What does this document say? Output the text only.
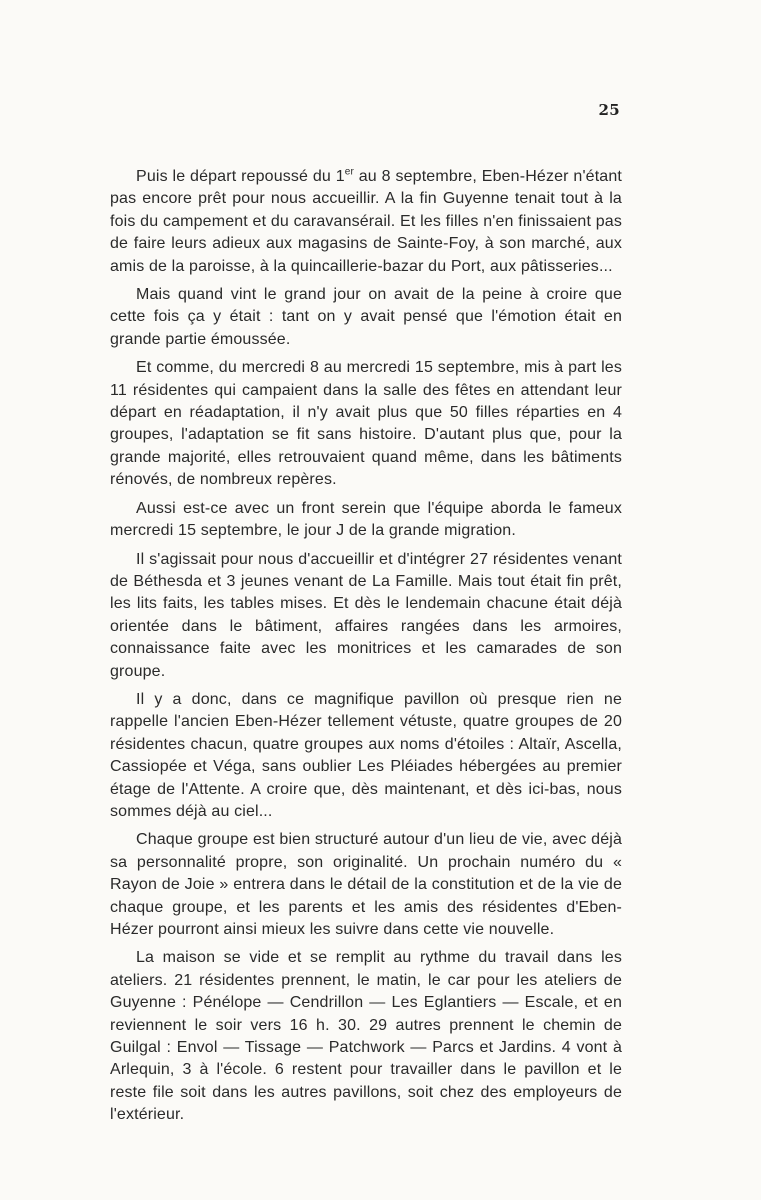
25

Puis le départ repoussé du 1er au 8 septembre, Eben-Hézer n'étant pas encore prêt pour nous accueillir. A la fin Guyenne tenait tout à la fois du campement et du caravansérail. Et les filles n'en finissaient pas de faire leurs adieux aux magasins de Sainte-Foy, à son marché, aux amis de la paroisse, à la quincaillerie-bazar du Port, aux pâtisseries...

Mais quand vint le grand jour on avait de la peine à croire que cette fois ça y était : tant on y avait pensé que l'émotion était en grande partie émoussée.

Et comme, du mercredi 8 au mercredi 15 septembre, mis à part les 11 résidentes qui campaient dans la salle des fêtes en attendant leur départ en réadaptation, il n'y avait plus que 50 filles réparties en 4 groupes, l'adaptation se fit sans histoire. D'autant plus que, pour la grande majorité, elles retrouvaient quand même, dans les bâtiments rénovés, de nombreux repères.

Aussi est-ce avec un front serein que l'équipe aborda le fameux mercredi 15 septembre, le jour J de la grande migration.

Il s'agissait pour nous d'accueillir et d'intégrer 27 résidentes venant de Béthesda et 3 jeunes venant de La Famille. Mais tout était fin prêt, les lits faits, les tables mises. Et dès le lendemain chacune était déjà orientée dans le bâtiment, affaires rangées dans les armoires, connaissance faite avec les monitrices et les camarades de son groupe.

Il y a donc, dans ce magnifique pavillon où presque rien ne rappelle l'ancien Eben-Hézer tellement vétuste, quatre groupes de 20 résidentes chacun, quatre groupes aux noms d'étoiles : Altaïr, Ascella, Cassiopée et Véga, sans oublier Les Pléiades hébergées au premier étage de l'Attente. A croire que, dès maintenant, et dès ici-bas, nous sommes déjà au ciel...

Chaque groupe est bien structuré autour d'un lieu de vie, avec déjà sa personnalité propre, son originalité. Un prochain numéro du « Rayon de Joie » entrera dans le détail de la constitution et de la vie de chaque groupe, et les parents et les amis des résidentes d'Eben-Hézer pourront ainsi mieux les suivre dans cette vie nouvelle.

La maison se vide et se remplit au rythme du travail dans les ateliers. 21 résidentes prennent, le matin, le car pour les ateliers de Guyenne : Pénélope — Cendrillon — Les Eglantiers — Escale, et en reviennent le soir vers 16 h. 30. 29 autres prennent le chemin de Guilgal : Envol — Tissage — Patchwork — Parcs et Jardins. 4 vont à Arlequin, 3 à l'école. 6 restent pour travailler dans le pavillon et le reste file soit dans les autres pavillons, soit chez des employeurs de l'extérieur.
